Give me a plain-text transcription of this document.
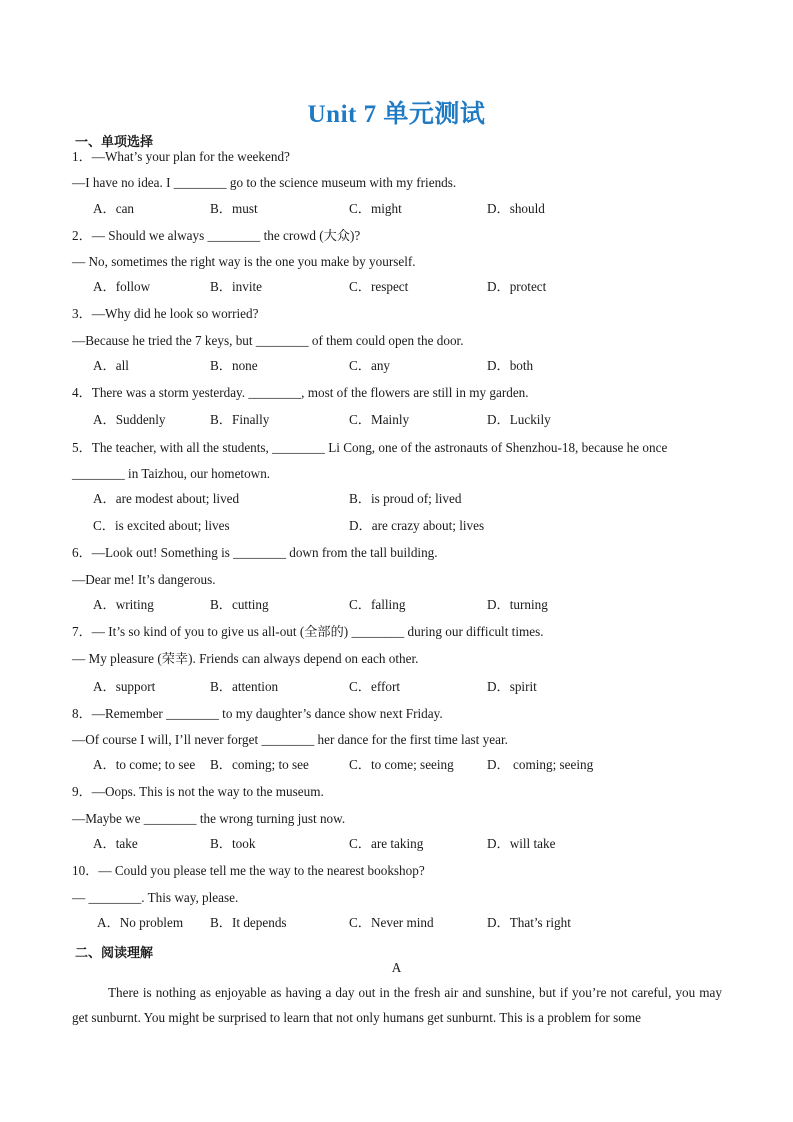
Unit 7 单元测试
一、单项选择
1．—What’s your plan for the weekend?
—I have no idea. I ________ go to the science museum with my friends.
A．can	B．must	C．might	D．should
2．— Should we always ________ the crowd (大众)?
— No, sometimes the right way is the one you make by yourself.
A．follow	B．invite	C．respect	D．protect
3．—Why did he look so worried?
—Because he tried the 7 keys, but ________ of them could open the door.
A．all	B．none	C．any	D．both
4．There was a storm yesterday. ________, most of the flowers are still in my garden.
A．Suddenly	B．Finally	C．Mainly	D．Luckily
5．The teacher, with all the students, ________ Li Cong, one of the astronauts of Shenzhou-18, because he once
________ in Taizhou, our hometown.
A．are modest about; lived	B．is proud of; lived
C．is excited about; lives	D．are crazy about; lives
6．—Look out! Something is ________ down from the tall building.
—Dear me! It’s dangerous.
A．writing	B．cutting	C．falling	D．turning
7．— It’s so kind of you to give us all-out (全部的) ________ during our difficult times.
— My pleasure (荣幸). Friends can always depend on each other.
A．support	B．attention	C．effort	D．spirit
8．—Remember ________ to my daughter’s dance show next Friday.
—Of course I will, I’ll never forget ________ her dance for the first time last year.
A．to come; to see B．coming; to see	C．to come; seeing	D． coming; seeing
9．—Oops. This is not the way to the museum.
—Maybe we ________ the wrong turning just now.
A．take	B．took	C．are taking	D．will take
10．— Could you please tell me the way to the nearest bookshop?
— ________. This way, please.
A．No problem B．It depends	C．Never mind	D．That’s right
二、阅读理解
A
There is nothing as enjoyable as having a day out in the fresh air and sunshine, but if you’re not careful, you may get sunburnt. You might be surprised to learn that not only humans get sunburnt. This is a problem for some
